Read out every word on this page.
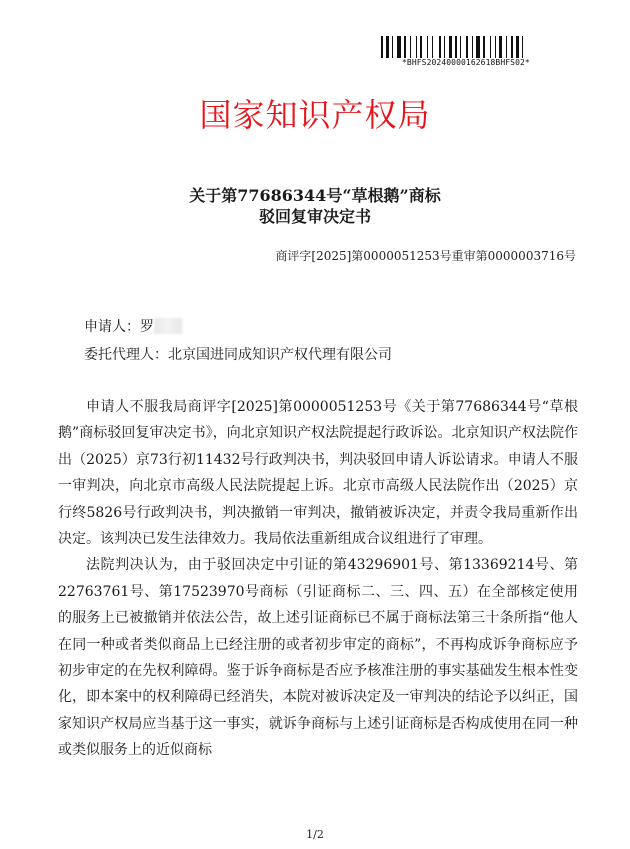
*BHFS20240000162618BHFS02*
国家知识产权局
关于第77686344号“草根鹅”商标
驳回复审决定书
商评字[2025]第0000051253号重审第0000003716号
申请人：罗
委托代理人：北京国进同成知识产权代理有限公司

申请人不服我局商评字[2025]第0000051253号《关于第77686344号“草根鹅”商标驳回复审决定书》，向北京知识产权法院提起行政诉讼。北京知识产权法院作出（2025）京73行初11432号行政判决书，判决驳回申请人诉讼请求。申请人不服一审判决，向北京市高级人民法院提起上诉。北京市高级人民法院作出（2025）京行终5826号行政判决书，判决撤销一审判决，撤销被诉决定，并责令我局重新作出决定。该判决已发生法律效力。我局依法重新组成合议组进行了审理。

法院判决认为，由于驳回决定中引证的第43296901号、第13369214号、第22763761号、第17523970号商标（引证商标二、三、四、五）在全部核定使用的服务上已被撤销并依法公告，故上述引证商标已不属于商标法第三十条所指“他人在同一种或者类似商品上已经注册的或者初步审定的商标”，不再构成诉争商标应予初步审定的在先权利障碍。鉴于诉争商标是否应予核准注册的事实基础发生根本性变化，即本案中的权利障碍已经消失，本院对被诉决定及一审判决的结论予以纠正，国家知识产权局应当基于这一事实，就诉争商标与上述引证商标是否构成使用在同一种或类似服务上的近似商标

1/2
